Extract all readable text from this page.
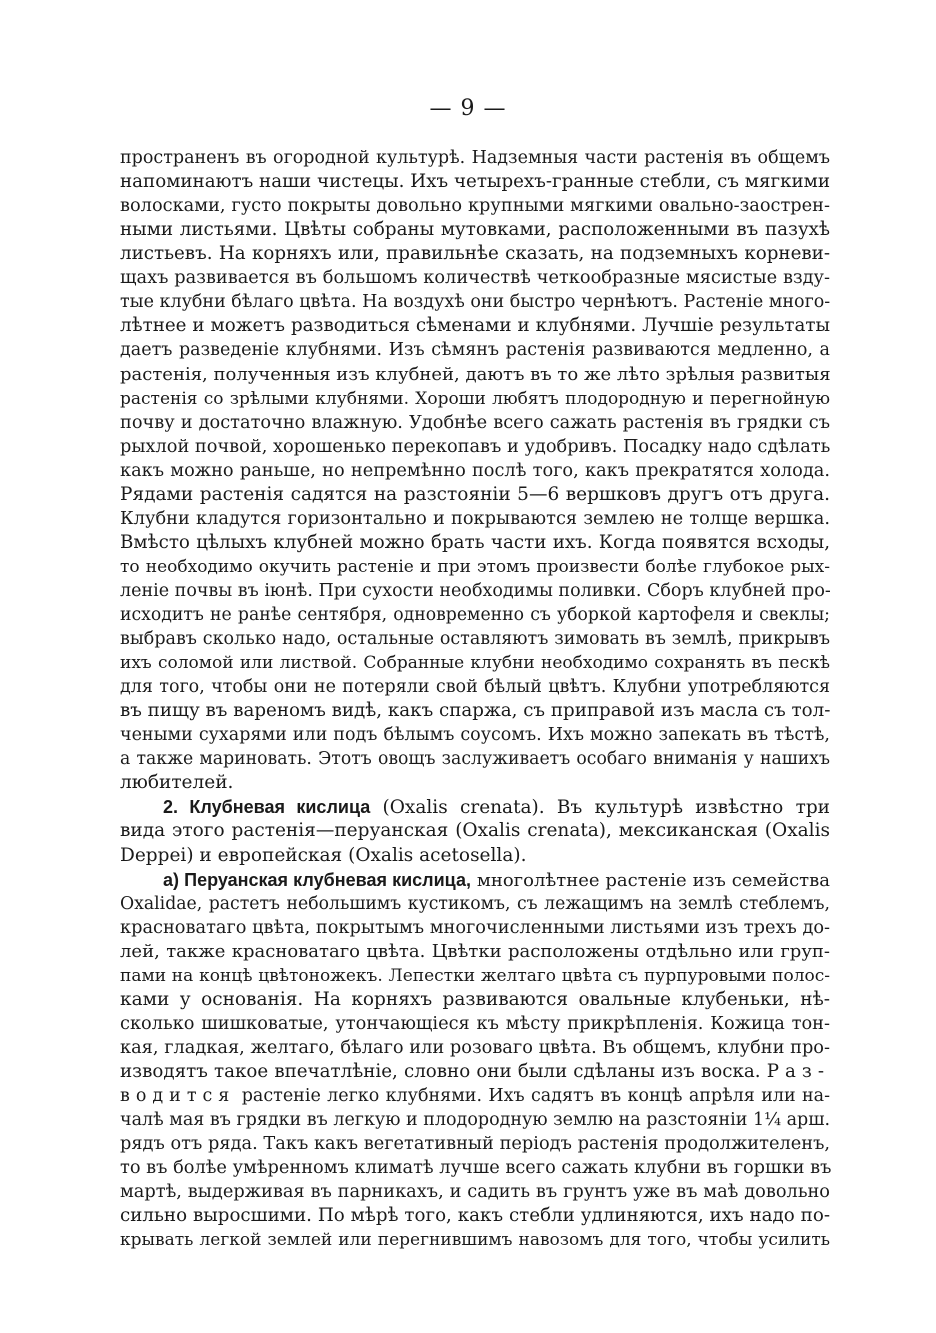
— 9 —
пространенъ въ огородной культурѣ. Надземныя части растенія въ общемъ
напоминаютъ наши чистецы. Ихъ четырехъ-гранные стебли, съ мягкими
волосками, густо покрыты довольно крупными мягкими овально-заострен-
ными листьями. Цвѣты собраны мутовками, расположенными въ пазухѣ
листьевъ. На корняхъ или, правильнѣе сказать, на подземныхъ корневи-
щахъ развивается въ большомъ количествѣ четкообразные мясистые взду-
тые клубни бѣлаго цвѣта. На воздухѣ они быстро чернѣютъ. Растеніе много-
лѣтнее и можетъ разводиться сѣменами и клубнями. Лучшіе результаты
даетъ разведеніе клубнями. Изъ сѣмянъ растенія развиваются медленно, а
растенія, полученныя изъ клубней, даютъ въ то же лѣто зрѣлыя развитыя
растенія со зрѣлыми клубнями. Хороши любятъ плодородную и перегнойную
почву и достаточно влажную. Удобнѣе всего сажать растенія въ грядки съ
рыхлой почвой, хорошенько перекопавъ и удобривъ. Посадку надо сдѣлать
какъ можно раньше, но непремѣнно послѣ того, какъ прекратятся холода.
Рядами растенія садятся на разстояніи 5—6 вершковъ другъ отъ друга.
Клубни кладутся горизонтально и покрываются землею не толще вершка.
Вмѣсто цѣлыхъ клубней можно брать части ихъ. Когда появятся всходы,
то необходимо окучить растеніе и при этомъ произвести болѣе глубокое рых-
леніе почвы въ іюнѣ. При сухости необходимы поливки. Сборъ клубней про-
исходитъ не ранѣе сентября, одновременно съ уборкой картофеля и свеклы;
выбравъ сколько надо, остальные оставляютъ зимовать въ землѣ, прикрывъ
ихъ соломой или листвой. Собранные клубни необходимо сохранять въ пескѣ
для того, чтобы они не потеряли свой бѣлый цвѣтъ. Клубни употребляются
въ пищу въ вареномъ видѣ, какъ спаржа, съ приправой изъ масла съ тол-
чеными сухарями или подъ бѣлымъ соусомъ. Ихъ можно запекать въ тѣстѣ,
а также мариновать. Этотъ овощъ заслуживаетъ особаго вниманія у нашихъ
любителей.
2. Клубневая кислица (Oxalis crenata). Въ культурѣ извѣстно три
вида этого растенія—перуанская (Oxalis crenata), мексиканская (Oxalis
Deppei) и европейская (Oxalis acetosella).
а) Перуанская клубневая кислица, многолѣтнее растеніе изъ семейства
Oxalidae, растетъ небольшимъ кустикомъ, съ лежащимъ на землѣ стеблемъ,
красноватаго цвѣта, покрытымъ многочисленными листьями изъ трехъ до-
лей, также красноватаго цвѣта. Цвѣтки расположены отдѣльно или груп-
пами на концѣ цвѣтоножекъ. Лепестки желтаго цвѣта съ пурпуровыми полос-
ками у основанія. На корняхъ развиваются овальные клубеньки, нѣ-
сколько шишковатые, утончающіеся къ мѣсту прикрѣпленія. Кожица тон-
кая, гладкая, желтаго, бѣлаго или розоваго цвѣта. Въ общемъ, клубни про-
изводятъ такое впечатлѣніе, словно они были сдѣланы изъ воска. Раз-
водится растеніе легко клубнями. Ихъ садятъ въ концѣ апрѣля или на-
чалѣ мая въ грядки въ легкую и плодородную землю на разстояніи 1¼ арш.
рядъ отъ ряда. Такъ какъ вегетативный періодъ растенія продолжителенъ,
то въ болѣе умѣренномъ климатѣ лучше всего сажать клубни въ горшки въ
мартѣ, выдерживая въ парникахъ, и садить въ грунтъ уже въ маѣ довольно
сильно выросшими. По мѣрѣ того, какъ стебли удлиняются, ихъ надо по-
крывать легкой землей или перегнившимъ навозомъ для того, чтобы усилить
